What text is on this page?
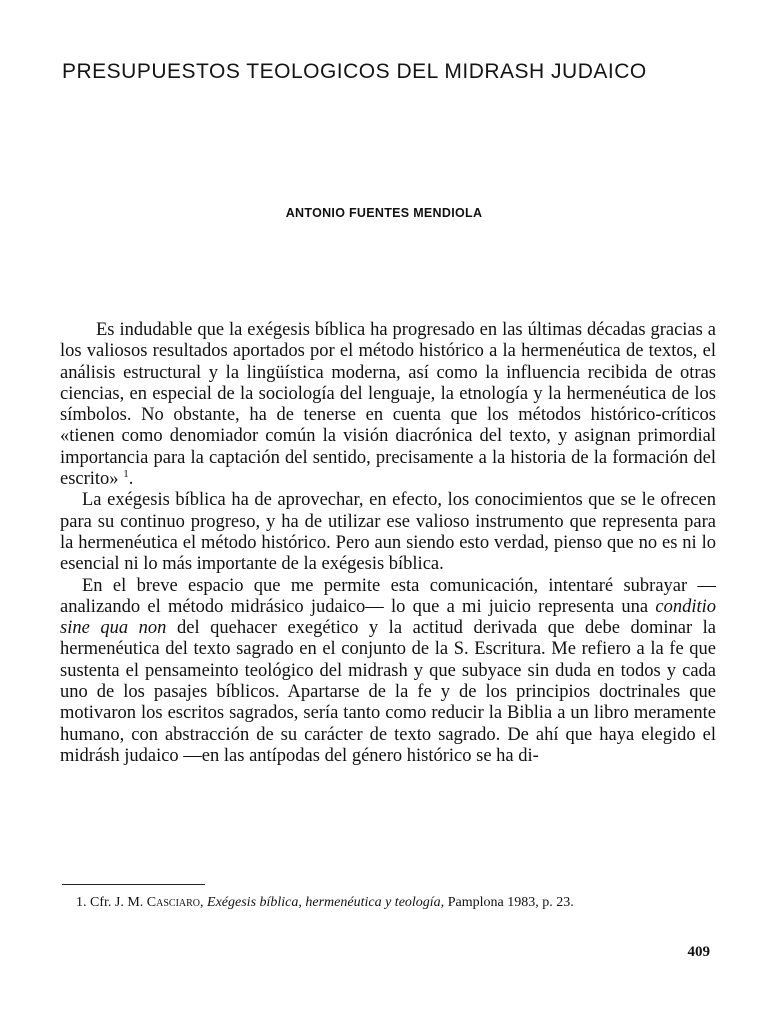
PRESUPUESTOS TEOLOGICOS DEL MIDRASH JUDAICO
ANTONIO FUENTES MENDIOLA

Es indudable que la exégesis bíblica ha progresado en las últimas décadas gracias a los valiosos resultados aportados por el método histórico a la hermenéutica de textos, el análisis estructural y la lingüística moderna, así como la influencia recibida de otras ciencias, en especial de la sociología del lenguaje, la etnología y la hermenéutica de los símbolos. No obstante, ha de tenerse en cuenta que los métodos histórico-críticos «tienen como denomiador común la visión diacrónica del texto, y asignan primordial importancia para la captación del sentido, precisamente a la historia de la formación del escrito» $^1$.

La exégesis bíblica ha de aprovechar, en efecto, los conocimientos que se le ofrecen para su continuo progreso, y ha de utilizar ese valioso instrumento que representa para la hermenéutica el método histórico. Pero aun siendo esto verdad, pienso que no es ni lo esencial ni lo más importante de la exégesis bíblica.

En el breve espacio que me permite esta comunicación, intentaré subrayar —analizando el método midrásico judaico— lo que a mi juicio representa una conditio sine qua non del quehacer exegético y la actitud derivada que debe dominar la hermenéutica del texto sagrado en el conjunto de la S. Escritura. Me refiero a la fe que sustenta el pensameinto teológico del midrash y que subyace sin duda en todos y cada uno de los pasajes bíblicos. Apartarse de la fe y de los principios doctrinales que motivaron los escritos sagrados, sería tanto como reducir la Biblia a un libro meramente humano, con abstracción de su carácter de texto sagrado. De ahí que haya elegido el midrásh judaico —en las antípodas del género histórico se ha di-

1. Cfr. J. M. Casciaro, Exégesis bíblica, hermenéutica y teología, Pamplona 1983, p. 23.
409
